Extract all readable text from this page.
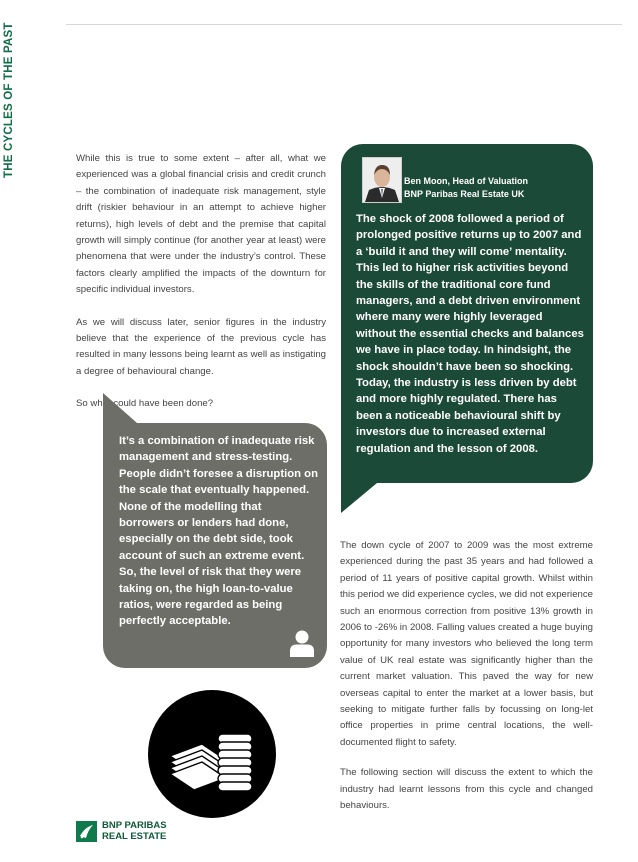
THE CYCLES OF THE PAST	While this is true to some extent – after all, what we experienced was a global financial crisis and credit crunch – the combination of inadequate risk management, style drift (riskier behaviour in an attempt to achieve higher returns), high levels of debt and the premise that capital growth will simply continue (for another year at least) were phenomena that were under the industry’s control. These factors clearly amplified the impacts of the downturn for specific individual investors.

As we will discuss later, senior figures in the industry believe that the experience of the previous cycle has resulted in many lessons being learnt as well as instigating a degree of behavioural change.

So what could have been done?

Ben Moon, Head of Valuation
BNP Paribas Real Estate UK

The shock of 2008 followed a period of prolonged positive returns up to 2007 and a ‘build it and they will come’ mentality. This led to higher risk activities beyond the skills of the traditional core fund managers, and a debt driven environment where many were highly leveraged without the essential checks and balances we have in place today. In hindsight, the shock shouldn’t have been so shocking. Today, the industry is less driven by debt and more highly regulated. There has been a noticeable behavioural shift by investors due to increased external regulation and the lesson of 2008.

It’s a combination of inadequate risk management and stress-testing. People didn’t foresee a disruption on the scale that eventually happened. None of the modelling that borrowers or lenders had done, especially on the debt side, took account of such an extreme event. So, the level of risk that they were taking on, the high loan-to-value ratios, were regarded as being perfectly acceptable.

The down cycle of 2007 to 2009 was the most extreme experienced during the past 35 years and had followed a period of 11 years of positive capital growth. Whilst within this period we did experience cycles, we did not experience such an enormous correction from positive 13% growth in 2006 to -26% in 2008. Falling values created a huge buying opportunity for many investors who believed the long term value of UK real estate was significantly higher than the current market valuation. This paved the way for new overseas capital to enter the market at a lower basis, but seeking to mitigate further falls by focussing on long-let office properties in prime central locations, the well- documented flight to safety.

The following section will discuss the extent to which the industry had learnt lessons from this cycle and changed behaviours.

BNP PARIBAS
REAL ESTATE
